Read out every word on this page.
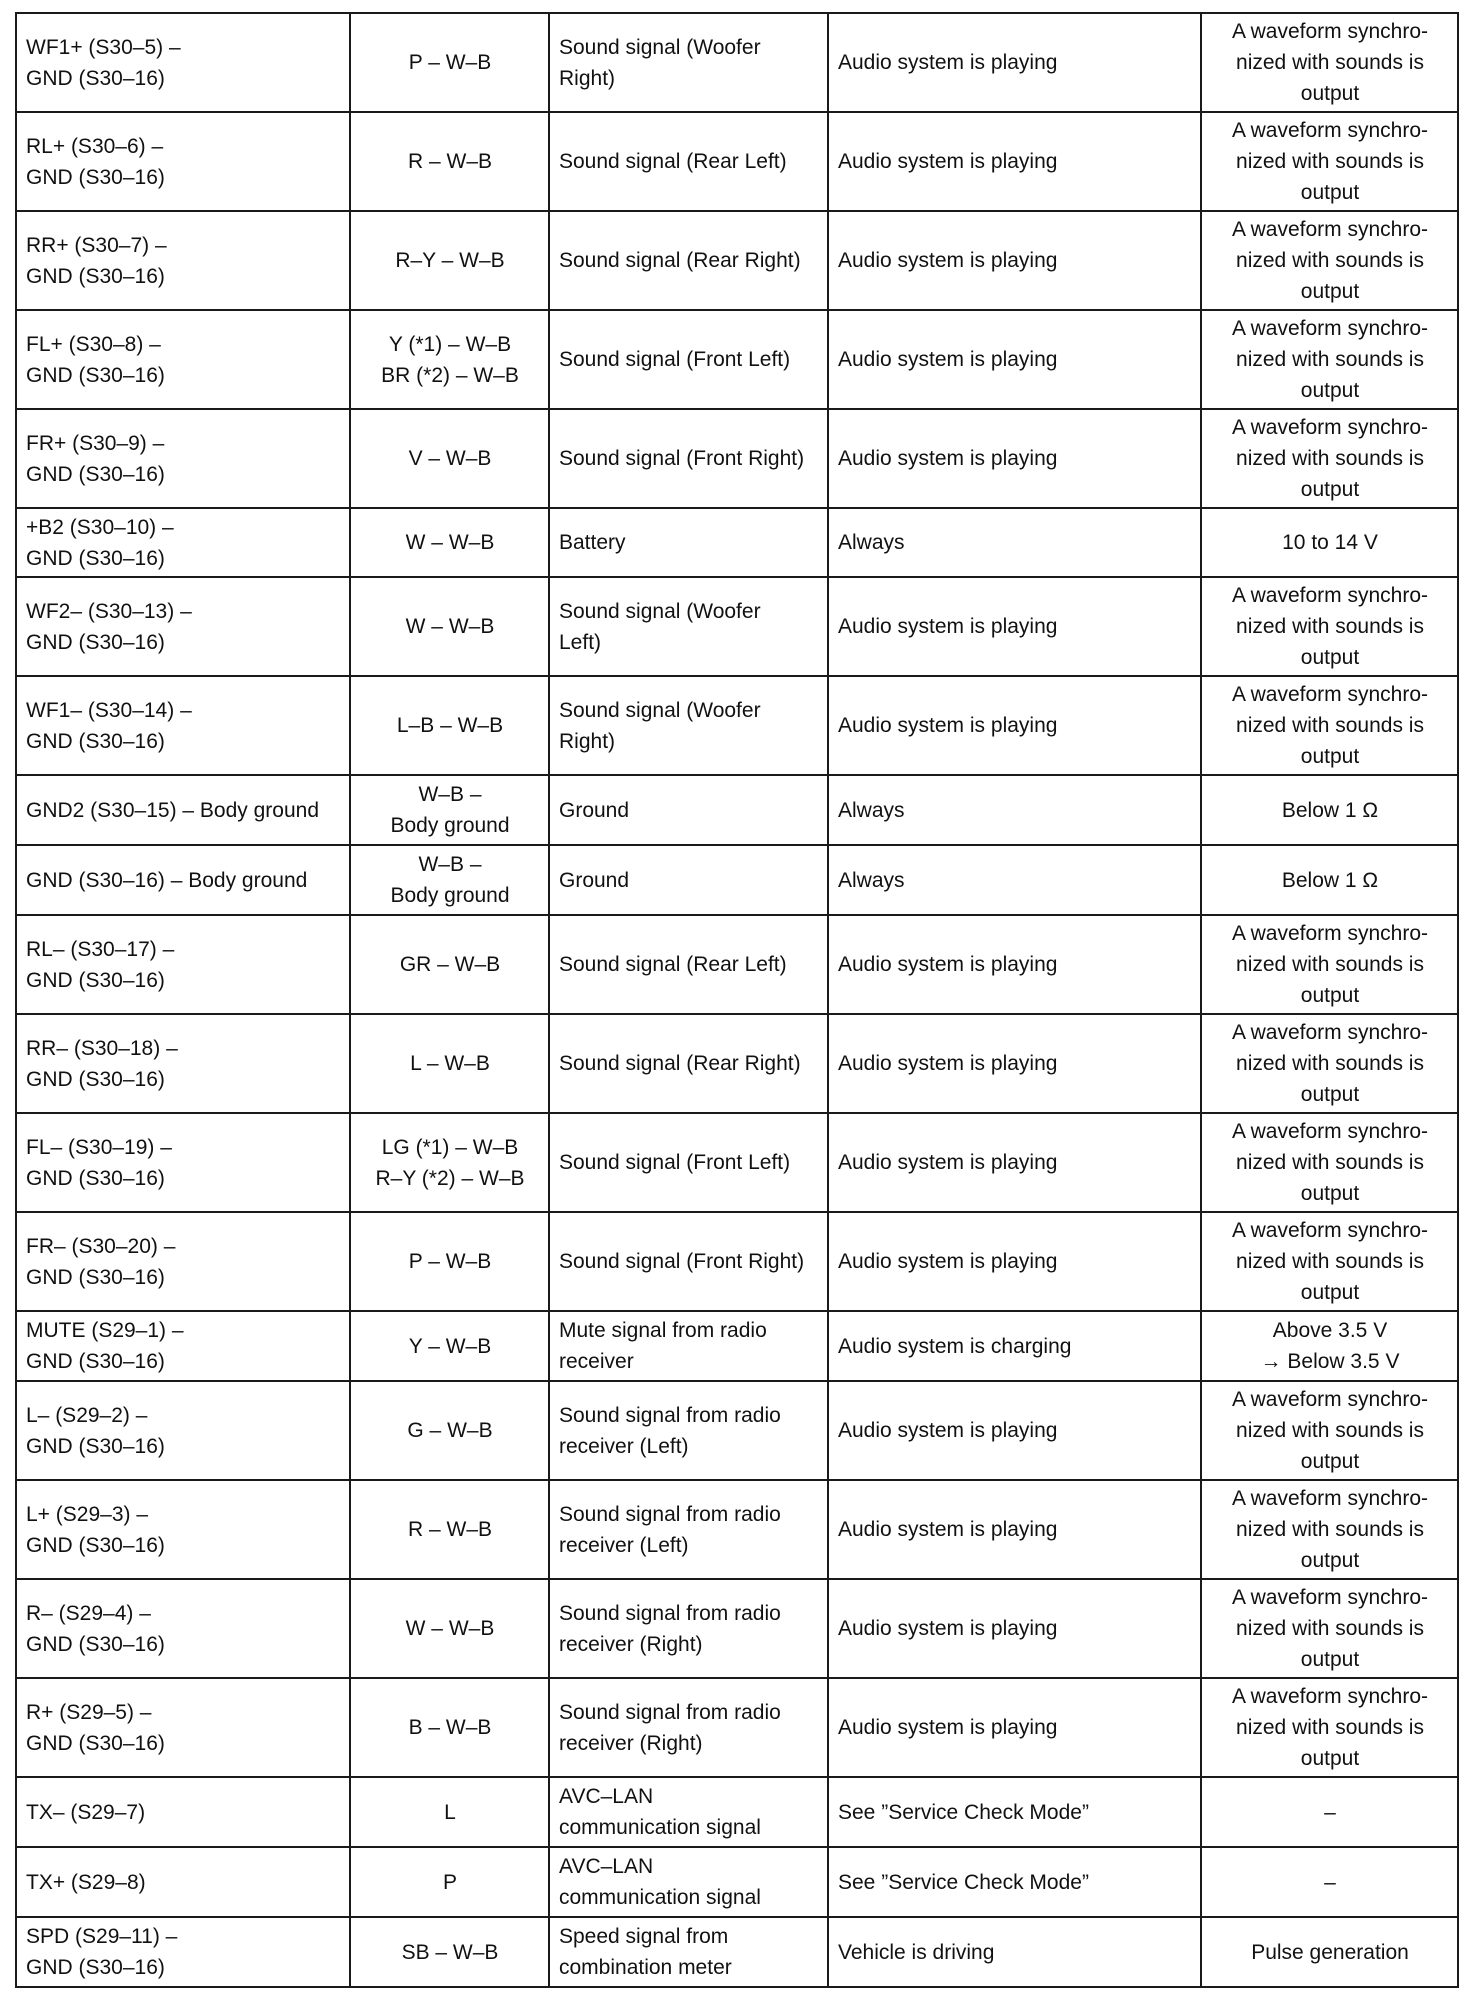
WF1+ (S30–5) –
GND (S30–16)	P – W–B	Sound signal (Woofer
Right)	Audio system is playing	A waveform synchro-
nized with sounds is
output

RL+ (S30–6) –
GND (S30–16)	R – W–B	Sound signal (Rear Left)	Audio system is playing	A waveform synchro-
nized with sounds is
output

RR+ (S30–7) –
GND (S30–16)	R–Y – W–B	Sound signal (Rear Right)	Audio system is playing	A waveform synchro-
nized with sounds is
output

FL+ (S30–8) –
GND (S30–16)	Y (*1) – W–B
BR (*2) – W–B	Sound signal (Front Left)	Audio system is playing	A waveform synchro-
nized with sounds is
output

FR+ (S30–9) –
GND (S30–16)	V – W–B	Sound signal (Front Right)	Audio system is playing	A waveform synchro-
nized with sounds is
output

+B2 (S30–10) –
GND (S30–16)	W – W–B	Battery	Always	10 to 14 V

WF2– (S30–13) –
GND (S30–16)	W – W–B	Sound signal (Woofer
Left)	Audio system is playing	A waveform synchro-
nized with sounds is
output

WF1– (S30–14) –
GND (S30–16)	L–B – W–B	Sound signal (Woofer
Right)	Audio system is playing	A waveform synchro-
nized with sounds is
output

GND2 (S30–15) – Body ground	W–B –
Body ground	Ground	Always	Below 1 Ω

GND (S30–16) – Body ground	W–B –
Body ground	Ground	Always	Below 1 Ω

RL– (S30–17) –
GND (S30–16)	GR – W–B	Sound signal (Rear Left)	Audio system is playing	A waveform synchro-
nized with sounds is
output

RR– (S30–18) –
GND (S30–16)	L – W–B	Sound signal (Rear Right)	Audio system is playing	A waveform synchro-
nized with sounds is
output

FL– (S30–19) –
GND (S30–16)	LG (*1) – W–B
R–Y (*2) – W–B	Sound signal (Front Left)	Audio system is playing	A waveform synchro-
nized with sounds is
output

FR– (S30–20) –
GND (S30–16)	P – W–B	Sound signal (Front Right)	Audio system is playing	A waveform synchro-
nized with sounds is
output

MUTE (S29–1) –
GND (S30–16)	Y – W–B	Mute signal from radio
receiver	Audio system is charging	Above 3.5 V
→ Below 3.5 V

L– (S29–2) –
GND (S30–16)	G – W–B	Sound signal from radio
receiver (Left)	Audio system is playing	A waveform synchro-
nized with sounds is
output

L+ (S29–3) –
GND (S30–16)	R – W–B	Sound signal from radio
receiver (Left)	Audio system is playing	A waveform synchro-
nized with sounds is
output

R– (S29–4) –
GND (S30–16)	W – W–B	Sound signal from radio
receiver (Right)	Audio system is playing	A waveform synchro-
nized with sounds is
output

R+ (S29–5) –
GND (S30–16)	B – W–B	Sound signal from radio
receiver (Right)	Audio system is playing	A waveform synchro-
nized with sounds is
output

TX– (S29–7)	L	AVC–LAN
communication signal	See ”Service Check Mode”	–

TX+ (S29–8)	P	AVC–LAN
communication signal	See ”Service Check Mode”	–

SPD (S29–11) –
GND (S30–16)	SB – W–B	Speed signal from
combination meter	Vehicle is driving	Pulse generation
